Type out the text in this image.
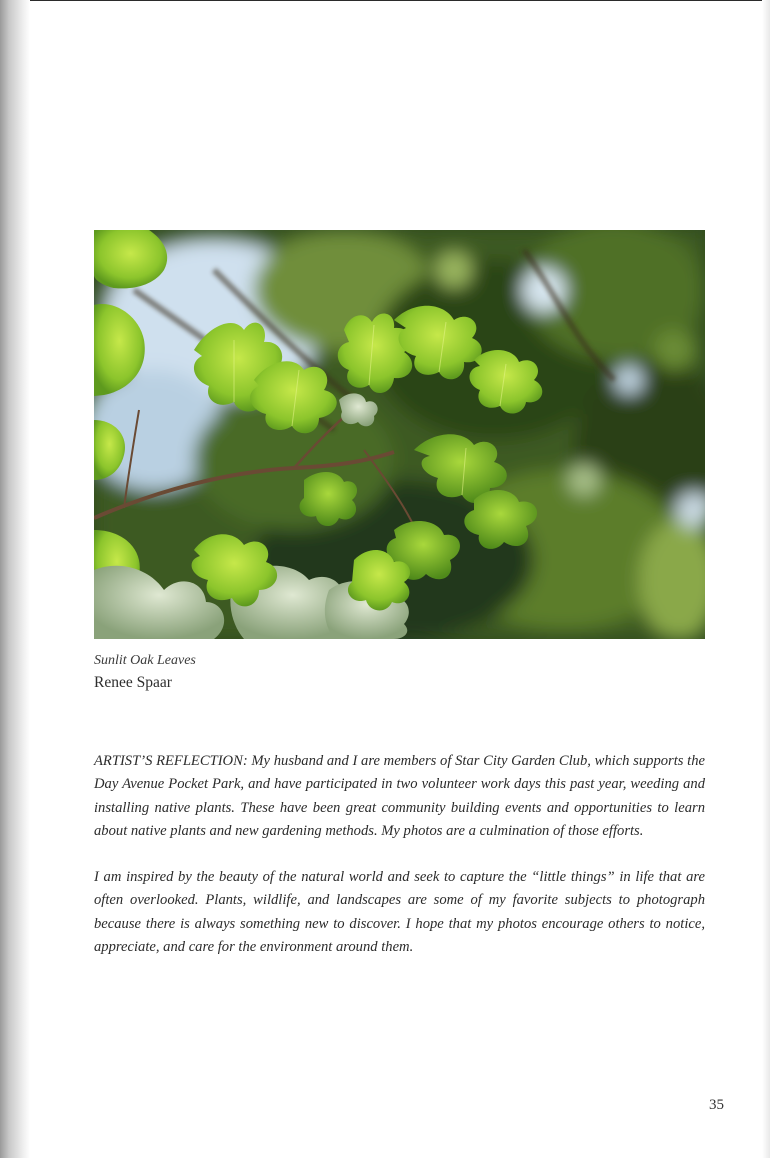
Sunlit Oak Leaves
Renee Spaar

ARTIST’S REFLECTION: My husband and I are members of Star City Garden Club, which supports the Day Avenue Pocket Park, and have participated in two volunteer work days this past year, weeding and installing native plants. These have been great community building events and opportunities to learn about native plants and new gardening methods. My photos are a culmination of those efforts.

I am inspired by the beauty of the natural world and seek to capture the “little things” in life that are often overlooked. Plants, wildlife, and landscapes are some of my favorite subjects to photograph because there is always something new to discover. I hope that my photos encourage others to notice, appreciate, and care for the environment around them.

35
